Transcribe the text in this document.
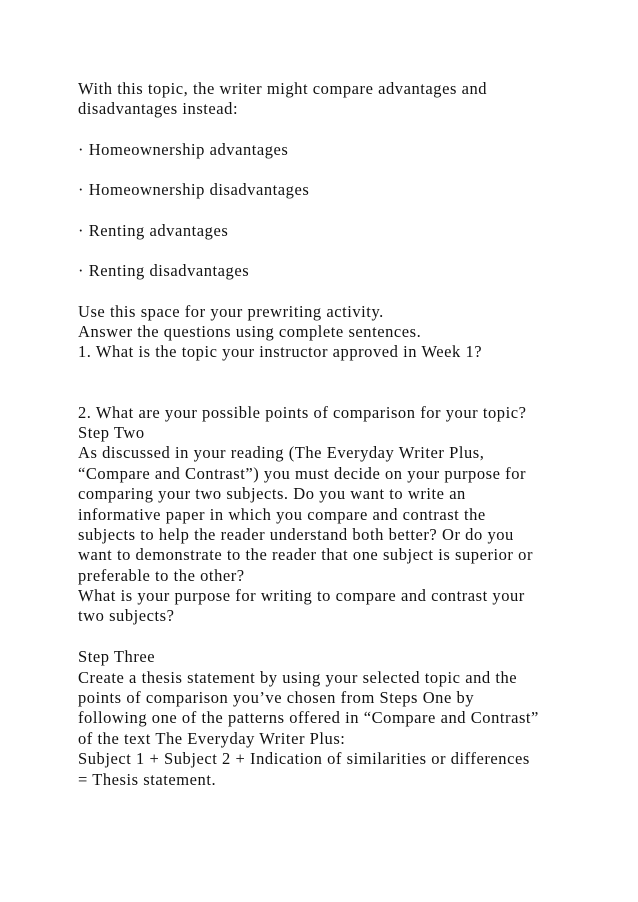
With this topic, the writer might compare advantages and
disadvantages instead:
· Homeownership advantages
· Homeownership disadvantages
· Renting advantages
· Renting disadvantages
Use this space for your prewriting activity.
Answer the questions using complete sentences.
1. What is the topic your instructor approved in Week 1?
2. What are your possible points of comparison for your topic?
Step Two
As discussed in your reading (The Everyday Writer Plus,
“Compare and Contrast”) you must decide on your purpose for
comparing your two subjects. Do you want to write an
informative paper in which you compare and contrast the
subjects to help the reader understand both better? Or do you
want to demonstrate to the reader that one subject is superior or
preferable to the other?
What is your purpose for writing to compare and contrast your
two subjects?
Step Three
Create a thesis statement by using your selected topic and the
points of comparison you’ve chosen from Steps One by
following one of the patterns offered in “Compare and Contrast”
of the text The Everyday Writer Plus:
Subject 1 + Subject 2 + Indication of similarities or differences
= Thesis statement.
